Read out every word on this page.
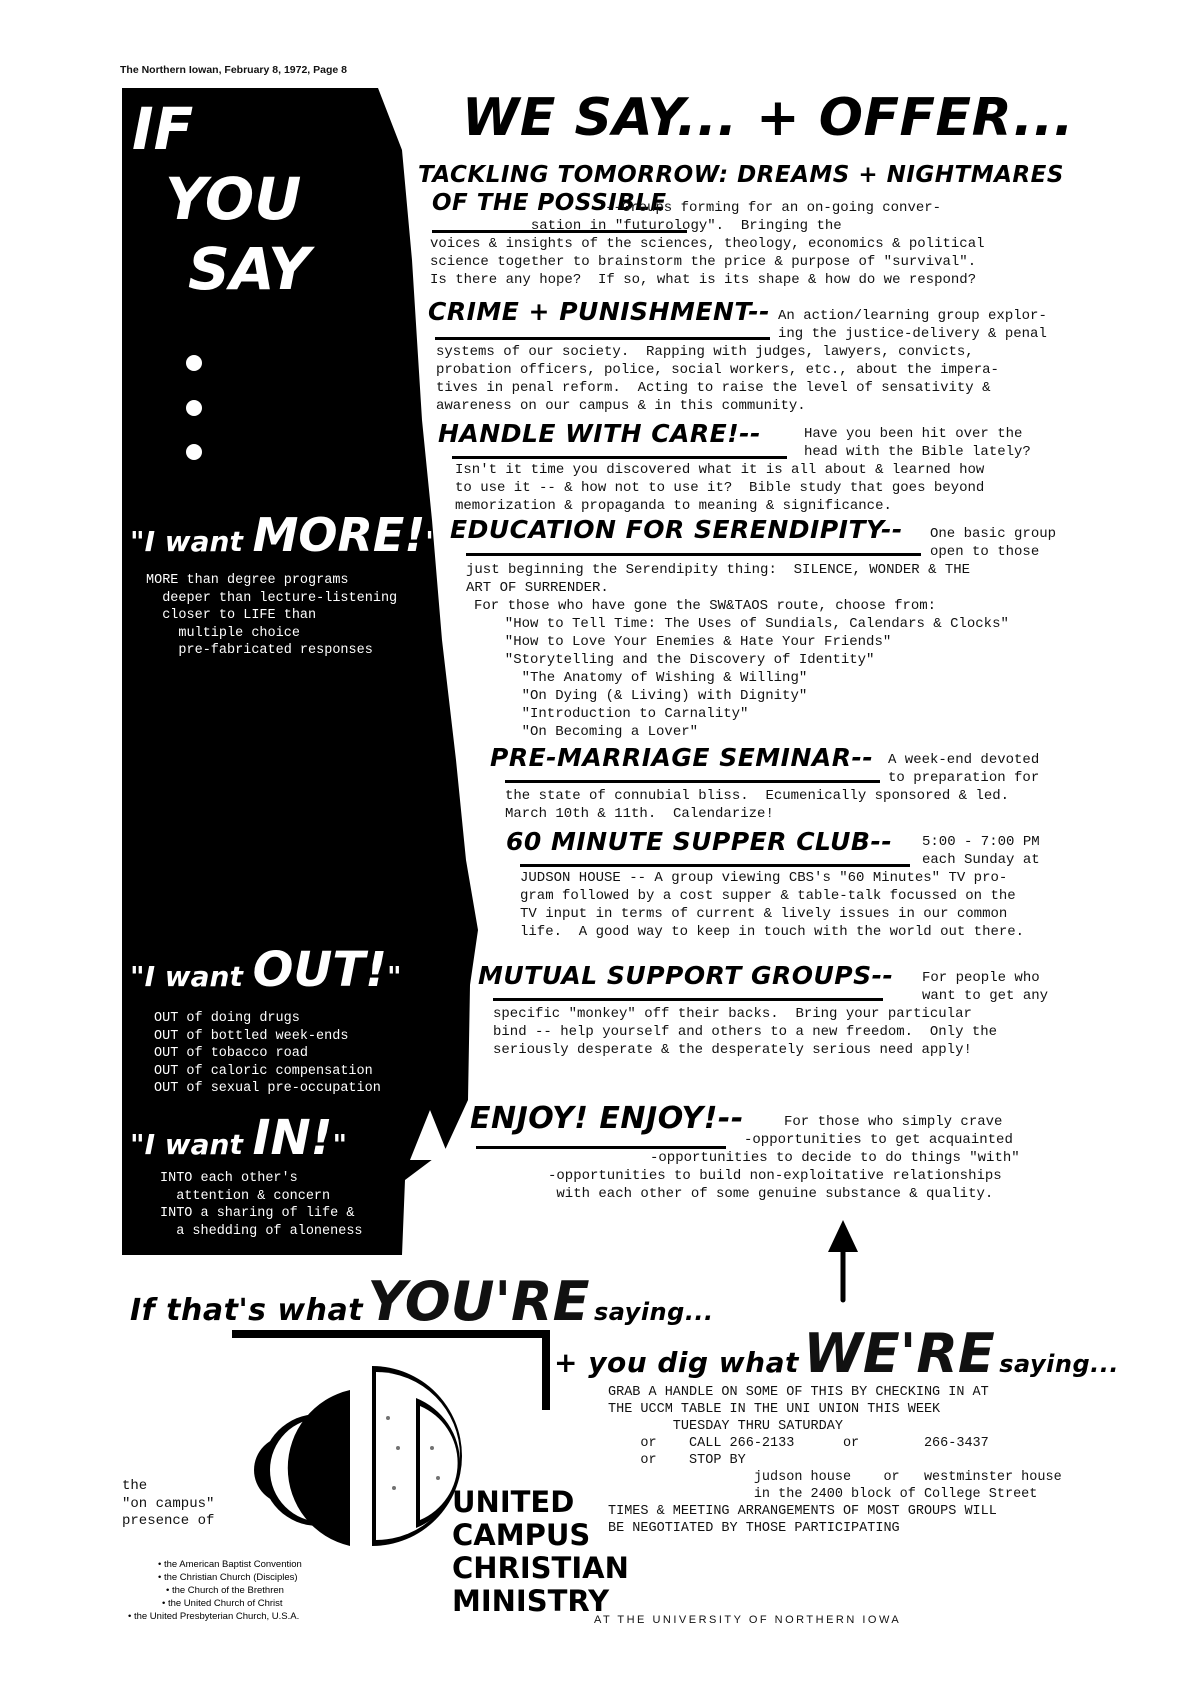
The Northern Iowan, February 8, 1972, Page 8
IF
YOU
SAY
"I want MORE!"
MORE than degree programs
deeper than lecture-listening
closer to LIFE than
multiple choice
pre-fabricated responses
"I want OUT!"
OUT of doing drugs
OUT of bottled week-ends
OUT of tobacco road
OUT of caloric compensation
OUT of sexual pre-occupation
"I want IN!"
INTO each other's
attention & concern
INTO a sharing of life &
a shedding of aloneness
WE SAY... + OFFER...
TACKLING TOMORROW: DREAMS + NIGHTMARES
OF THE POSSIBLE
--Groups forming for an on-going conver-
sation in "futurology".  Bringing the
voices & insights of the sciences, theology, economics & political
science together to brainstorm the price & purpose of "survival".
Is there any hope?  If so, what is its shape & how do we respond?
CRIME + PUNISHMENT-- An action/learning group explor-
ing the justice-delivery & penal
systems of our society.  Rapping with judges, lawyers, convicts,
probation officers, police, social workers, etc., about the impera-
tives in penal reform.  Acting to raise the level of sensativity &
awareness on our campus & in this community.
HANDLE WITH CARE!--	Have you been hit over the
head with the Bible lately?
Isn't it time you discovered what it is all about & learned how
to use it -- & how not to use it?  Bible study that goes beyond
memorization & propaganda to meaning & significance.
EDUCATION FOR SERENDIPITY-- One basic group
open to those
just beginning the Serendipity thing:  SILENCE, WONDER & THE
ART OF SURRENDER.
For those who have gone the SW&TAOS route, choose from:
"How to Tell Time: The Uses of Sundials, Calendars & Clocks"
"How to Love Your Enemies & Hate Your Friends"
"Storytelling and the Discovery of Identity"
"The Anatomy of Wishing & Willing"
"On Dying (& Living) with Dignity"
"Introduction to Carnality"
"On Becoming a Lover"
PRE-MARRIAGE SEMINAR-- A week-end devoted
to preparation for
the state of connubial bliss.  Ecumenically sponsored & led.
March 10th & 11th.  Calendarize!
60 MINUTE SUPPER CLUB-- 5:00 - 7:00 PM
each Sunday at
JUDSON HOUSE -- A group viewing CBS's "60 Minutes" TV pro-
gram followed by a cost supper & table-talk focussed on the
TV input in terms of current & lively issues in our common
life.  A good way to keep in touch with the world out there.
MUTUAL SUPPORT GROUPS-- For people who
want to get any
specific "monkey" off their backs.  Bring your particular
bind -- help yourself and others to a new freedom.  Only the
seriously desperate & the desperately serious need apply!
ENJOY! ENJOY!--	For those who simply crave
-opportunities to get acquainted
-opportunities to decide to do things "with"
-opportunities to build non-exploitative relationships
with each other of some genuine substance & quality.
If that's what YOU'RE saying...
+ you dig what WE'RE saying...
GRAB A HANDLE ON SOME OF THIS BY CHECKING IN AT
THE UCCM TABLE IN THE UNI UNION THIS WEEK
TUESDAY THRU SATURDAY
or    CALL 266-2133      or        266-3437
or    STOP BY
judson house    or   westminster house
in the 2400 block of College Street
TIMES & MEETING ARRANGEMENTS OF MOST GROUPS WILL
BE NEGOTIATED BY THOSE PARTICIPATING
the
"on campus"
presence of
• the American Baptist Convention
• the Christian Church (Disciples)
• the Church of the Brethren
• the United Church of Christ
• the United Presbyterian Church, U.S.A.
UNITED
CAMPUS
CHRISTIAN
MINISTRY
AT THE UNIVERSITY OF NORTHERN IOWA
